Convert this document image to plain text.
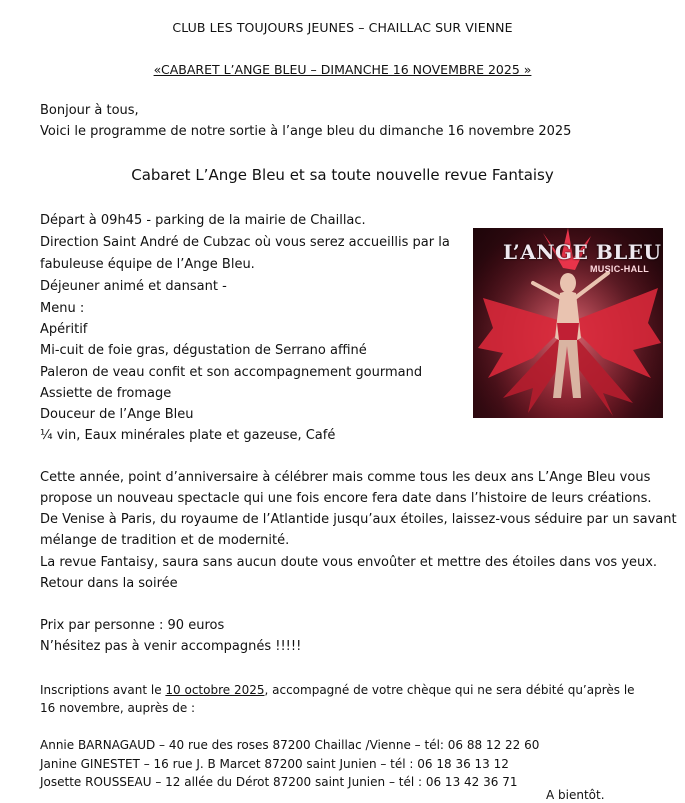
CLUB LES TOUJOURS JEUNES – CHAILLAC SUR VIENNE
«CABARET L’ANGE BLEU – DIMANCHE 16 NOVEMBRE 2025 »
Bonjour à tous,
Voici le programme de notre sortie à l’ange bleu du dimanche 16 novembre 2025
Cabaret L’Ange Bleu et sa toute nouvelle revue Fantaisy
Départ à 09h45 - parking de la mairie de Chaillac.
Direction Saint André de Cubzac où vous serez accueillis par la
fabuleuse équipe de l’Ange Bleu.
Déjeuner animé et dansant -
Menu :
Apéritif
Mi-cuit de foie gras, dégustation de Serrano affiné
Paleron de veau confit et son accompagnement gourmand
Assiette de fromage
Douceur de l’Ange Bleu
¼ vin, Eaux minérales plate et gazeuse, Café
L’ANGE BLEU
MUSIC-HALL
Cette année, point d’anniversaire à célébrer mais comme tous les deux ans L’Ange Bleu vous
propose un nouveau spectacle qui une fois encore fera date dans l’histoire de leurs créations.
De Venise à Paris, du royaume de l’Atlantide jusqu’aux étoiles, laissez-vous séduire par un savant
mélange de tradition et de modernité.
La revue Fantaisy, saura sans aucun doute vous envoûter et mettre des étoiles dans vos yeux.
Retour dans la soirée
Prix par personne : 90 euros
N’hésitez pas à venir accompagnés !!!!!
Inscriptions avant le 10 octobre 2025, accompagné de votre chèque qui ne sera débité qu’après le
16 novembre, auprès de :
Annie BARNAGAUD – 40 rue des roses 87200 Chaillac /Vienne – tél: 06 88 12 22 60
Janine GINESTET – 16 rue J. B Marcet 87200 saint Junien – tél : 06 18 36 13 12
Josette ROUSSEAU – 12 allée du Dérot 87200 saint Junien – tél : 06 13 42 36 71
A bientôt.
